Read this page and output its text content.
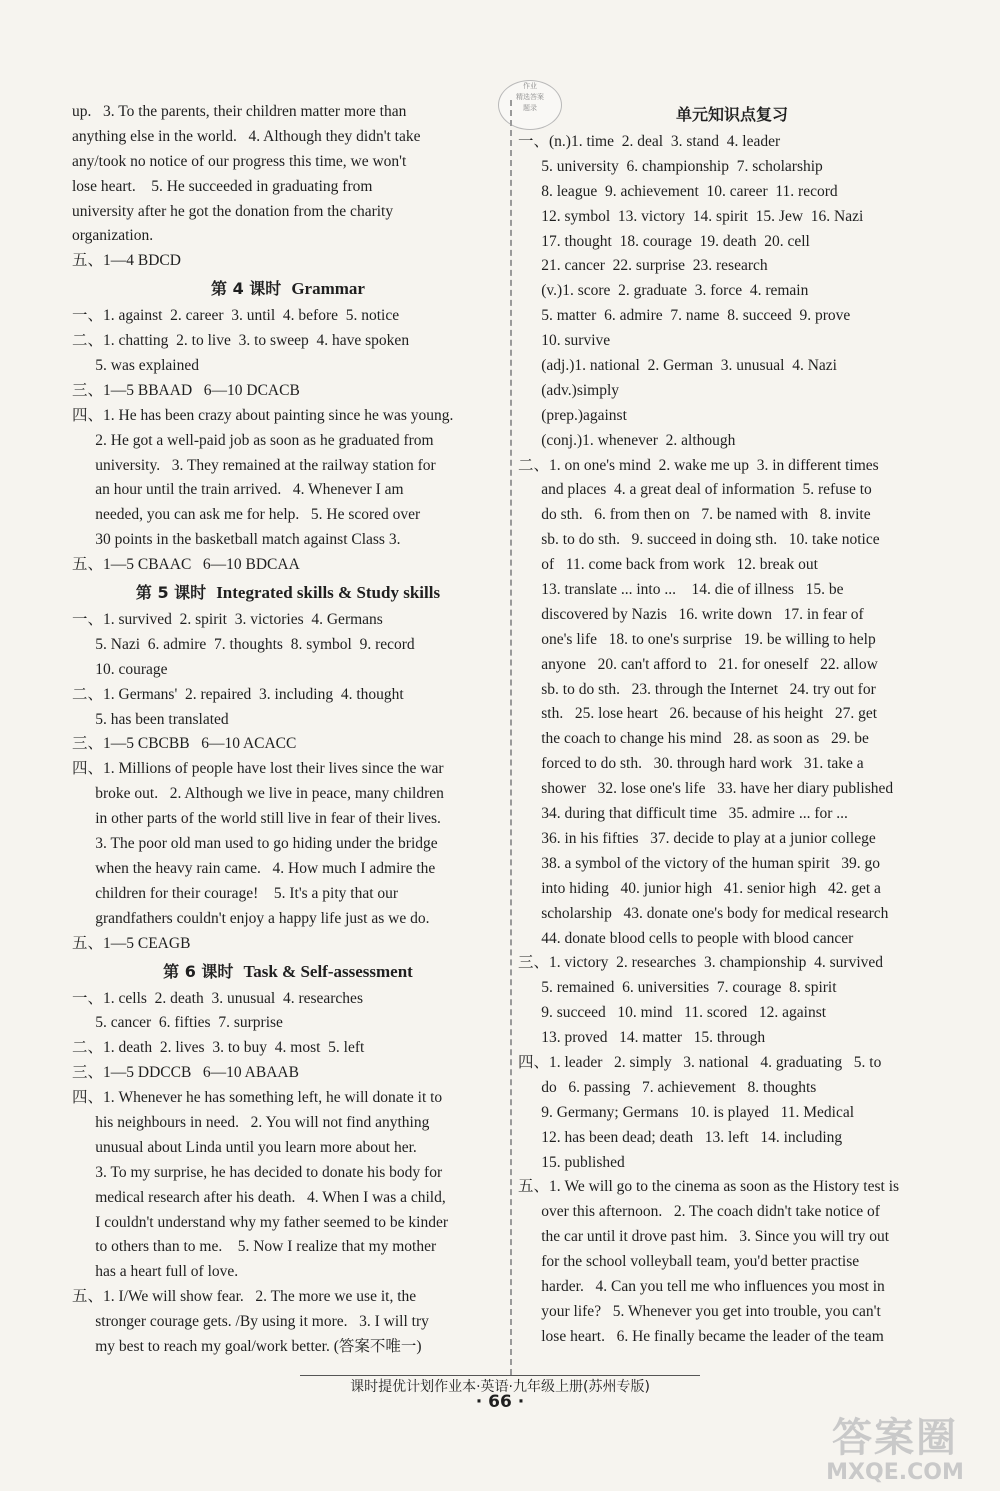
作业
精选答案
题录
up.   3. To the parents, their children matter more than
anything else in the world.   4. Although they didn't take
any/took no notice of our progress this time, we won't
lose heart.    5. He succeeded in graduating from
university after he got the donation from the charity
organization.
五、1—4 BDCD
第 4 课时 Grammar
一、1. against  2. career  3. until  4. before  5. notice
二、1. chatting  2. to live  3. to sweep  4. have spoken
5. was explained
三、1—5 BBAAD   6—10 DCACB
四、1. He has been crazy about painting since he was young.
2. He got a well-paid job as soon as he graduated from
university.   3. They remained at the railway station for
an hour until the train arrived.   4. Whenever I am
needed, you can ask me for help.   5. He scored over
30 points in the basketball match against Class 3.
五、1—5 CBAAC   6—10 BDCAA
第 5 课时 Integrated skills & Study skills
一、1. survived  2. spirit  3. victories  4. Germans
5. Nazi  6. admire  7. thoughts  8. symbol  9. record
10. courage
二、1. Germans'  2. repaired  3. including  4. thought
5. has been translated
三、1—5 CBCBB   6—10 ACACC
四、1. Millions of people have lost their lives since the war
broke out.   2. Although we live in peace, many children
in other parts of the world still live in fear of their lives.
3. The poor old man used to go hiding under the bridge
when the heavy rain came.   4. How much I admire the
children for their courage!    5. It's a pity that our
grandfathers couldn't enjoy a happy life just as we do.
五、1—5 CEAGB
第 6 课时 Task & Self-assessment
一、1. cells  2. death  3. unusual  4. researches
5. cancer  6. fifties  7. surprise
二、1. death  2. lives  3. to buy  4. most  5. left
三、1—5 DDCCB   6—10 ABAAB
四、1. Whenever he has something left, he will donate it to
his neighbours in need.   2. You will not find anything
unusual about Linda until you learn more about her.
3. To my surprise, he has decided to donate his body for
medical research after his death.   4. When I was a child,
I couldn't understand why my father seemed to be kinder
to others than to me.    5. Now I realize that my mother
has a heart full of love.
五、1. I/We will show fear.   2. The more we use it, the
stronger courage gets. /By using it more.   3. I will try
my best to reach my goal/work better. (答案不唯一)
单元知识点复习
一、(n.)1. time  2. deal  3. stand  4. leader
5. university  6. championship  7. scholarship
8. league  9. achievement  10. career  11. record
12. symbol  13. victory  14. spirit  15. Jew  16. Nazi
17. thought  18. courage  19. death  20. cell
21. cancer  22. surprise  23. research
(v.)1. score  2. graduate  3. force  4. remain
5. matter  6. admire  7. name  8. succeed  9. prove
10. survive
(adj.)1. national  2. German  3. unusual  4. Nazi
(adv.)simply
(prep.)against
(conj.)1. whenever  2. although
二、1. on one's mind  2. wake me up  3. in different times
and places  4. a great deal of information  5. refuse to
do sth.   6. from then on   7. be named with   8. invite
sb. to do sth.   9. succeed in doing sth.   10. take notice
of   11. come back from work   12. break out
13. translate ... into ...    14. die of illness   15. be
discovered by Nazis   16. write down   17. in fear of
one's life   18. to one's surprise   19. be willing to help
anyone   20. can't afford to   21. for oneself   22. allow
sb. to do sth.   23. through the Internet   24. try out for
sth.   25. lose heart   26. because of his height   27. get
the coach to change his mind   28. as soon as   29. be
forced to do sth.   30. through hard work   31. take a
shower   32. lose one's life   33. have her diary published
34. during that difficult time   35. admire ... for ...
36. in his fifties   37. decide to play at a junior college
38. a symbol of the victory of the human spirit   39. go
into hiding   40. junior high   41. senior high   42. get a
scholarship   43. donate one's body for medical research
44. donate blood cells to people with blood cancer
三、1. victory  2. researches  3. championship  4. survived
5. remained  6. universities  7. courage  8. spirit
9. succeed   10. mind   11. scored   12. against
13. proved   14. matter   15. through
四、1. leader   2. simply   3. national   4. graduating   5. to
do   6. passing   7. achievement   8. thoughts
9. Germany; Germans   10. is played   11. Medical
12. has been dead; death   13. left   14. including
15. published
五、1. We will go to the cinema as soon as the History test is
over this afternoon.   2. The coach didn't take notice of
the car until it drove past him.   3. Since you will try out
for the school volleyball team, you'd better practise
harder.   4. Can you tell me who influences you most in
your life?   5. Whenever you get into trouble, you can't
lose heart.   6. He finally became the leader of the team
· 66 ·
课时提优计划作业本·英语·九年级上册(苏州专版)
答案圈
MXQE.COM
